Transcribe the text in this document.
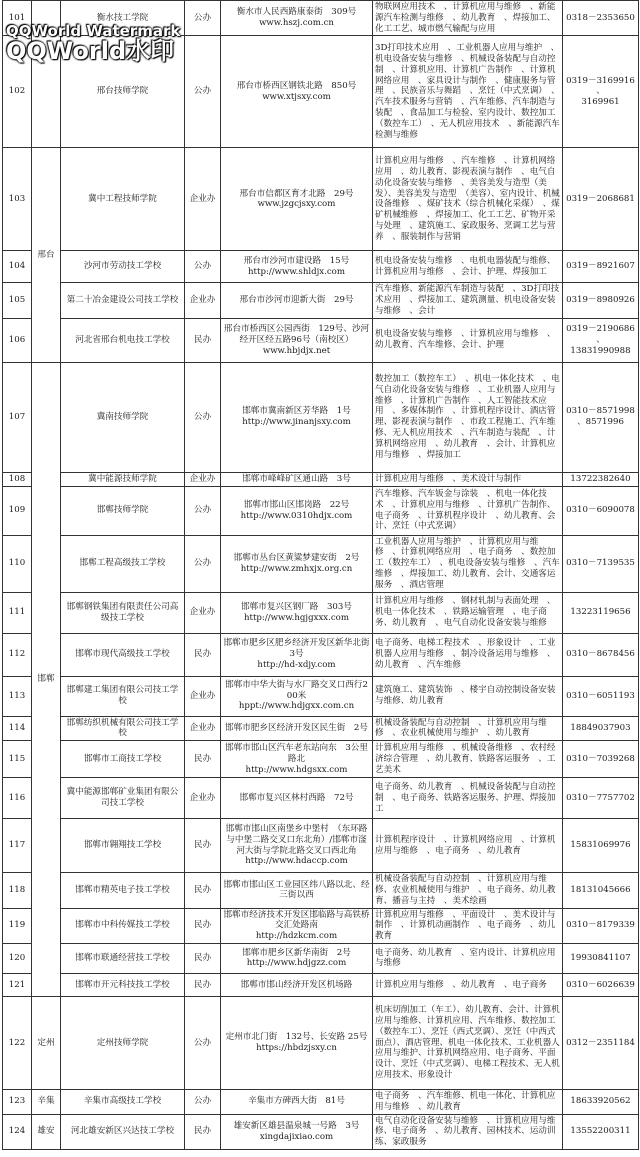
101		衡水技工学院	公办	衡水市人民西路康泰街　309号
www.hszj.com.cn	物联网应用技术　、计算机应用与维修　、新能源汽车检测与维修　、幼儿教育　、焊接加工、化工工艺、城市燃气输配与应用	0318－2353650

102		邢台技师学院	公办	邢台市桥西区钢铁北路　850号
www.xtjsxy.com	3D打印技术应用　、工业机器人应用与维护　、机电设备安装与维修　、机械设备装配与自动控制　、计算机应用、计算机广告制作　、计算机网络应用　、家具设计与制作　、健康服务与管理　、民族音乐与舞蹈　、烹饪（中式烹调）　、汽车技术服务与营销　、汽车维修、汽车制造与装配　、食品加工与检验、室内设计、数控加工（数控车工）　、无人机应用技术　、新能源汽车检测与维修	0319－3169916
、
3169961

103	邢台	冀中工程技师学院	企业办	邢台市信都区育才北路　29号
www.jzgcjsxy.com	计算机应用与维修　、汽车维修　、计算机网络应用　、幼儿教育、影视表演与制作　、电气自动化设备安装与维修　、美容美发与造型（美发）、美容美发与造型　（美容）、室内设计、机械设备维修　、煤矿技术（综合机械化采煤）　、煤矿机械维修　、焊接加工、化工工艺、矿物开采与处理　、建筑施工、家政服务、烹调工艺与营养　、服装制作与营销	0319－2068681

104		沙河市劳动技工学校	公办	邢台市沙河市建设路　15号
http://www.shldjx.com	机电设备安装与维修　、电机电器装配与维修、计算机应用与维修　、会计、护理、焊接加工	0319－8921607

105		第二十冶金建设公司技工学校	企业办	邢台市沙河市迎新大街　29号	汽车维修、新能源汽车制造与装配　、3D打印技术应用　、焊接加工、建筑测量、机电设备安装与维修　、会计	0319－8980926

106		河北省邢台机电技工学校	民办	邢台市桥西区公园西街　129号、沙河经开区经五路96号（南校区）
www.hbjdjx.net	机电设备安装与维修　、计算机应用与维修　、幼儿教育、汽车维修、会计、护理	0319－2190686
、
13831990988

107	邯郸	冀南技师学院	公办	邯郸市冀南新区芳华路　1号
http://www.jinanjsxy.com	数控加工（数控车工）　、机电一体化技术　、电气自动化设备安装与维修　、工业机器人应用与维修　、计算机广告制作　、人工智能技术应用　、多媒体制作　、计算机程序设计、酒店管理、影视表演与制作　、市政工程施工、汽车维修、无人机应用技术　、汽车制造与装配　、计算机网络应用　、幼儿教育　、会计、计算机应用与维修　、焊接加工	0310－8571998
、8571996

108		冀中能源技师学院	企业办	邯郸市峰峰矿区通山路　3号	计算机应用与维修　、美术设计与制作	13722382640

109		邯郸技师学院	公办	邯郸市邯山区邯岗路　22号
http://www.0310hdjx.com	汽车维修、汽车钣金与涂装　、机电一体化技术　、计算机应用与维修　、计算机广告制作、电子商务　、计算机程序设计　、幼儿教育、会计、烹饪（中式烹调）	0310－6090078

110		邯郸工程高级技工学校	公办	邯郸市丛台区黄粱梦建安街　2号
http://www.zmhxjx.org.cn	工业机器人应用与维护　、计算机应用与维修　、计算机网络应用　、电子商务　、数控加工（数控车工）　、机电设备安装与维修　、汽车维修　、焊接加工、幼儿教育、会计、交通客运服务　、酒店管理	0310－7139535

111		邯郸钢铁集团有限责任公司高级技工学校	企业办	邯郸市复兴区钢厂路　303号
http://www.hgjgxxx.com	计算机应用与维修　、钢材轧制与表面处理　、机电一体化技术　、铁路运输管理　、电子商务、幼儿教育　、电气自动化设备安装与维修	13223119656

112		邯郸市现代高级技工学校	民办	邯郸市肥乡区肥乡经济开发区新华北街3号
http://hd-xdjy.com	电子商务、电梯工程技术　、形象设计　、工业机器人应用与维修　、制冷设备运用与维修　、幼儿教育　、汽车维修	0310－8678456

113		邯郸建工集团有限公司技工学校	企业办	邯郸市中华大街与水厂路交叉口西行200米
hppt://www.hdjgxx.com.cn	建筑施工、建筑装饰　、楼宇自动控制设备安装与维修、幼儿教育	0310－6051193

114		邯郸纺织机械有限公司技工学校	企业办	邯郸市肥乡区经济开发区民生街　2号	机械设备装配与自动控制　、计算机应用与维修　、农业机械使用与维护　、幼儿教育	18849037903

115		邯郸市工商技工学校	民办	邯郸市邯山区汽车老东站向东　3公里路北
http://www.hdgsxx.com	计算机应用与维修　、机械设备维修　、农村经济综合管理　、幼儿教育、铁路客运服务　、工艺美术	0310－7039268

116		冀中能源邯郸矿业集团有限公司技工学校	企业办	邯郸市复兴区林村西路　72号	电子商务、幼儿教育　、机械设备装配与自动控制　、电子商务、铁路客运服务、护理、焊接加工	0310－7757702

117		邯郸市翱翔技工学校	民办	邯郸市邯山区南堡乡中堡村　（东环路与中堡二路交叉口东北角）/邯郸市滏河大街与学院北路交叉口西北角
http://www.hdaccp.com	计算机程序设计　、计算机网络应用　、计算机应用与维修　、电子商务　、幼儿教育	15831069976

118		邯郸市精英电子技工学校	民办	邯郸市邯山区工业园区纬八路以北、经三街以西	机械设备装配与自动控制　、计算机应用与维修、农业机械使用与维护　、电子商务、幼儿教育、播音与主持　、美术绘画	18131045666

119		邯郸市中科传媒技工学校	民办	邯郸市经济技术开发区邯临路与高铁桥交汇处路南
http://hdzkcm.com	计算机应用与维修　、平面设计　、美术设计与制作　、计算机动画制作　、电子商务　、幼儿教育	0310－8179339

120		邯郸市联通经营技工学校	民办	邯郸市肥乡区新华南街　2号
http://www.hdjgzz.com	电子商务、幼儿教育　、室内设计、计算机应用与维修	19930841107

121		邯郸市开元科技技工学校	民办	邯郸市邯山经济开发区机场路	计算机应用与维修　、幼儿教育　、电子商务	0310－6026639

122	定州	定州技师学院	公办	定州市北门街　132号、长安路 25号
https://hbdzjsxy.cn	机床切削加工（车工）、幼儿教育、会计、计算机应用与维修、计算机应用、汽车维修、数控加工（数控车工）、烹饪（西式烹调）、烹饪（中西式面点）、酒店管理、机电一体化技术、工业机器人应用与维护、计算机网络应用、电子商务、平面设计、烹饪（中式烹调）、电梯工程技术、无人机应用技术、形象设计	0312－2351184

123	辛集	辛集市高级技工学校	公办	辛集市方碑西大街　81号	电子商务　、汽车维修、机电一体化、计算机应用与维修　、幼儿教育	18633920562

124	雄安	河北雄安新区兴达技工学校	民办	雄安新区雄县温泉城一号路　3号
xingdajixiao.com	电气自动化设备安装与维修　、计算机应用与维修、电子商务　、幼儿教育、园林技术、运动训练、家政服务	13552200311
QQWorld Watermark
QQWorld水印
